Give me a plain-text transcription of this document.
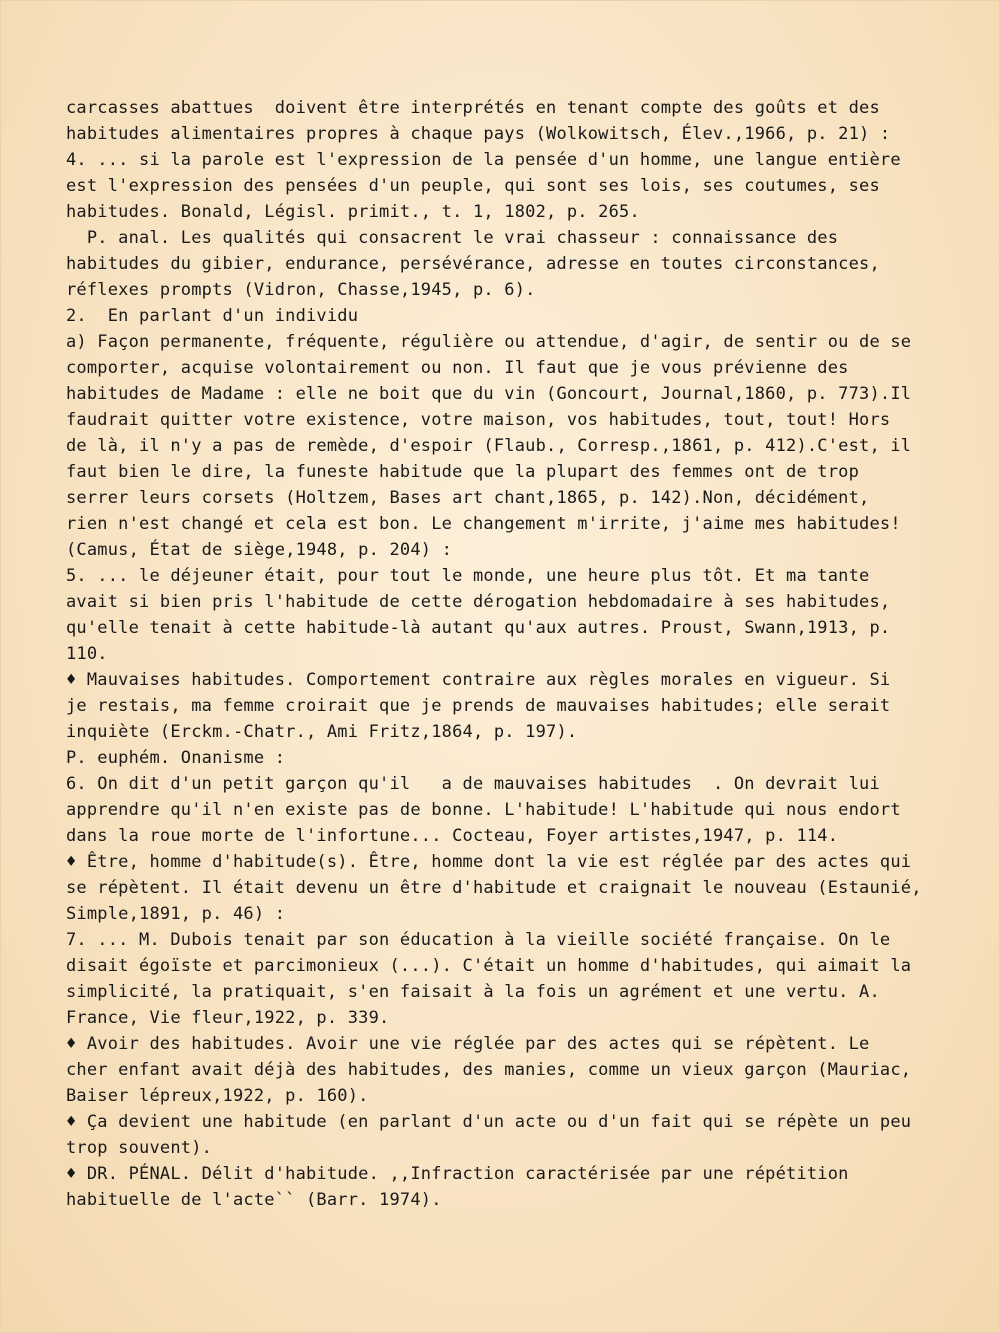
carcasses abattues  doivent être interprétés en tenant compte des goûts et des
habitudes alimentaires propres à chaque pays (Wolkowitsch, Élev.,1966, p. 21) :
4. ... si la parole est l'expression de la pensée d'un homme, une langue entière
est l'expression des pensées d'un peuple, qui sont ses lois, ses coutumes, ses
habitudes. Bonald, Législ. primit., t. 1, 1802, p. 265.
P. anal. Les qualités qui consacrent le vrai chasseur : connaissance des
habitudes du gibier, endurance, persévérance, adresse en toutes circonstances,
réflexes prompts (Vidron, Chasse,1945, p. 6).
2.  En parlant d'un individu
a) Façon permanente, fréquente, régulière ou attendue, d'agir, de sentir ou de se
comporter, acquise volontairement ou non. Il faut que je vous prévienne des
habitudes de Madame : elle ne boit que du vin (Goncourt, Journal,1860, p. 773).Il
faudrait quitter votre existence, votre maison, vos habitudes, tout, tout! Hors
de là, il n'y a pas de remède, d'espoir (Flaub., Corresp.,1861, p. 412).C'est, il
faut bien le dire, la funeste habitude que la plupart des femmes ont de trop
serrer leurs corsets (Holtzem, Bases art chant,1865, p. 142).Non, décidément,
rien n'est changé et cela est bon. Le changement m'irrite, j'aime mes habitudes!
(Camus, État de siège,1948, p. 204) :
5. ... le déjeuner était, pour tout le monde, une heure plus tôt. Et ma tante
avait si bien pris l'habitude de cette dérogation hebdomadaire à ses habitudes,
qu'elle tenait à cette habitude-là autant qu'aux autres. Proust, Swann,1913, p.
110.
♦ Mauvaises habitudes. Comportement contraire aux règles morales en vigueur. Si
je restais, ma femme croirait que je prends de mauvaises habitudes; elle serait
inquiète (Erckm.-Chatr., Ami Fritz,1864, p. 197).
P. euphém. Onanisme :
6. On dit d'un petit garçon qu'il   a de mauvaises habitudes  . On devrait lui
apprendre qu'il n'en existe pas de bonne. L'habitude! L'habitude qui nous endort
dans la roue morte de l'infortune... Cocteau, Foyer artistes,1947, p. 114.
♦ Être, homme d'habitude(s). Être, homme dont la vie est réglée par des actes qui
se répètent. Il était devenu un être d'habitude et craignait le nouveau (Estaunié,
Simple,1891, p. 46) :
7. ... M. Dubois tenait par son éducation à la vieille société française. On le
disait égoïste et parcimonieux (...). C'était un homme d'habitudes, qui aimait la
simplicité, la pratiquait, s'en faisait à la fois un agrément et une vertu. A.
France, Vie fleur,1922, p. 339.
♦ Avoir des habitudes. Avoir une vie réglée par des actes qui se répètent. Le
cher enfant avait déjà des habitudes, des manies, comme un vieux garçon (Mauriac,
Baiser lépreux,1922, p. 160).
♦ Ça devient une habitude (en parlant d'un acte ou d'un fait qui se répète un peu
trop souvent).
♦ DR. PÉNAL. Délit d'habitude. ,,Infraction caractérisée par une répétition
habituelle de l'acte`` (Barr. 1974).
